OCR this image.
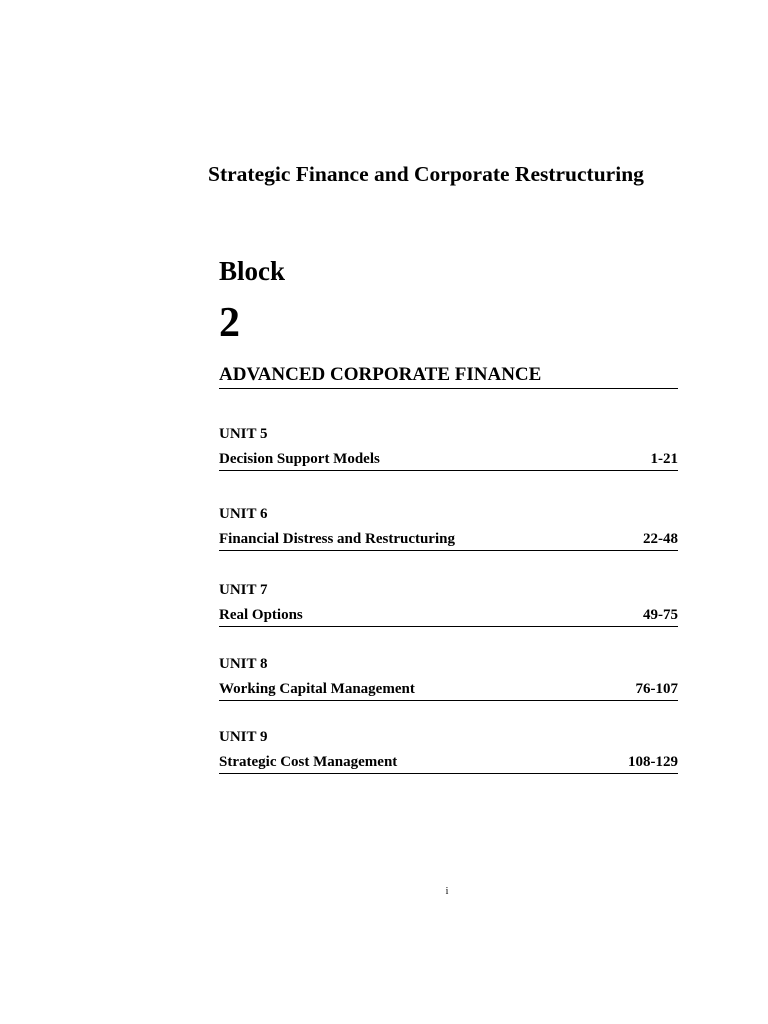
Strategic Finance and Corporate Restructuring
Block
2
ADVANCED CORPORATE FINANCE
UNIT 5
Decision Support Models	1-21
UNIT 6
Financial Distress and Restructuring	22-48
UNIT 7
Real Options	49-75
UNIT 8
Working Capital Management	76-107
UNIT 9
Strategic Cost Management	108-129
i
